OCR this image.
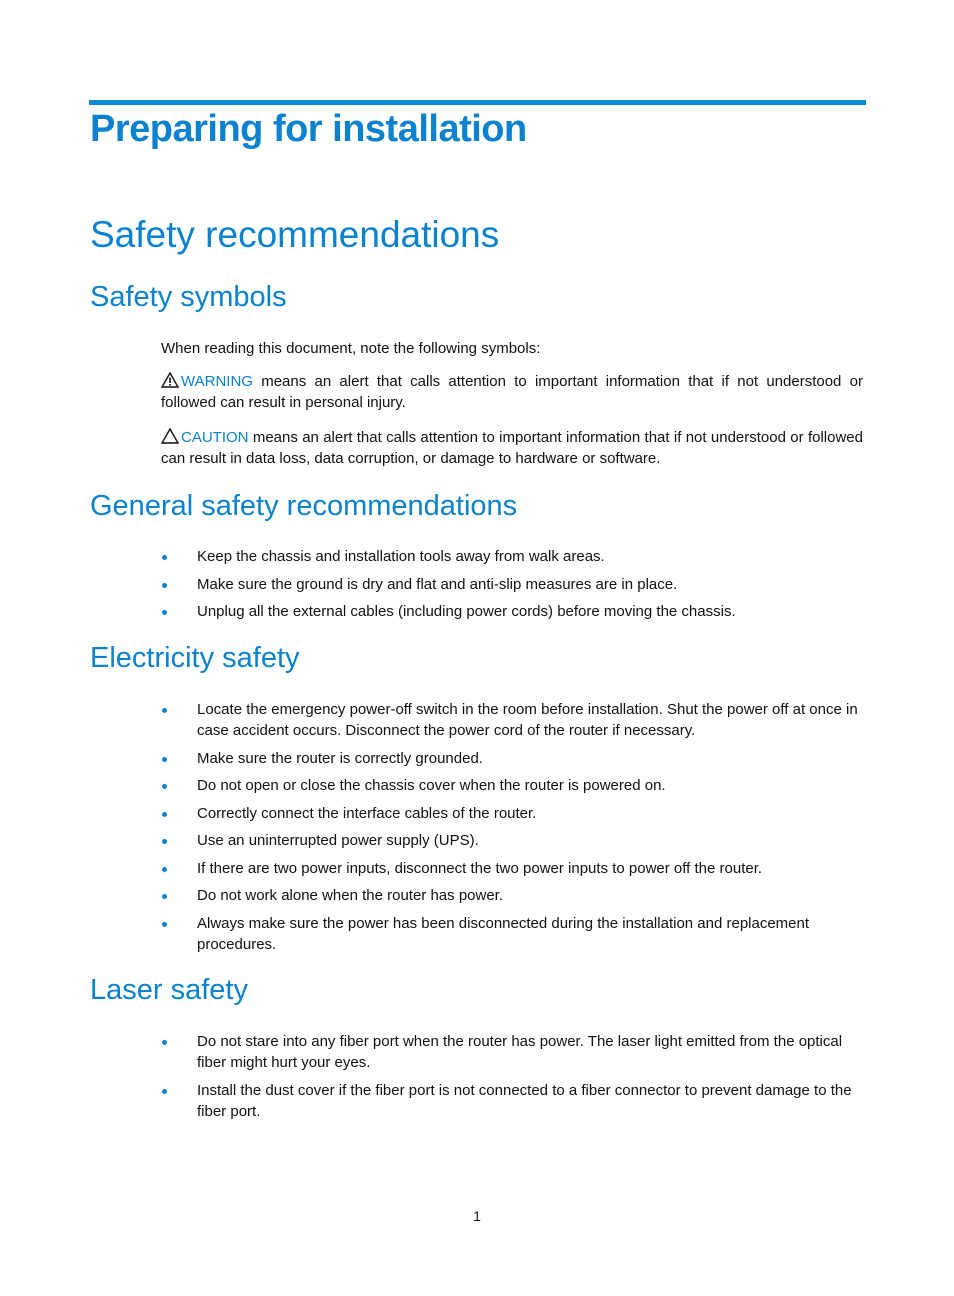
Preparing for installation
Safety recommendations
Safety symbols

When reading this document, note the following symbols:

WARNING means an alert that calls attention to important information that if not understood or followed can result in personal injury.

CAUTION means an alert that calls attention to important information that if not understood or followed can result in data loss, data corruption, or damage to hardware or software.

General safety recommendations
Keep the chassis and installation tools away from walk areas.
Make sure the ground is dry and flat and anti-slip measures are in place.
Unplug all the external cables (including power cords) before moving the chassis.
Electricity safety
Locate the emergency power-off switch in the room before installation. Shut the power off at once in case accident occurs. Disconnect the power cord of the router if necessary.
Make sure the router is correctly grounded.
Do not open or close the chassis cover when the router is powered on.
Correctly connect the interface cables of the router.
Use an uninterrupted power supply (UPS).
If there are two power inputs, disconnect the two power inputs to power off the router.
Do not work alone when the router has power.
Always make sure the power has been disconnected during the installation and replacement procedures.
Laser safety
Do not stare into any fiber port when the router has power. The laser light emitted from the optical fiber might hurt your eyes.
Install the dust cover if the fiber port is not connected to a fiber connector to prevent damage to the fiber port.
1
